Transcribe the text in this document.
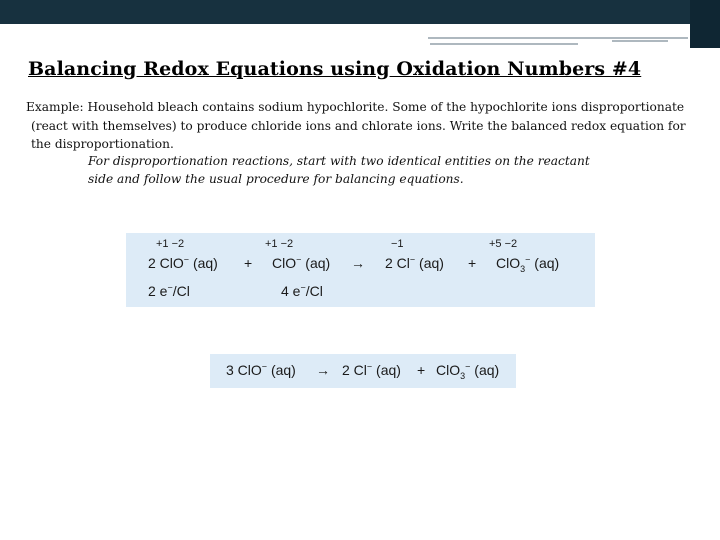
Balancing Redox Equations using Oxidation Numbers #4

Example: Household bleach contains sodium hypochlorite. Some of the hypochlorite ions disproportionate (react with themselves) to produce chloride ions and chlorate ions. Write the balanced redox equation for the disproportionation.

For disproportionation reactions, start with two identical entities on the reactant side and follow the usual procedure for balancing equations.

+1 −2	+1 −2	−1	+5 −2
2 ClO− (aq) + ClO− (aq) → 2 Cl− (aq) + ClO$_3$− (aq)
2 e−/Cl	4 e−/Cl
3 ClO− (aq) → 2 Cl− (aq) + ClO$_3$− (aq)
